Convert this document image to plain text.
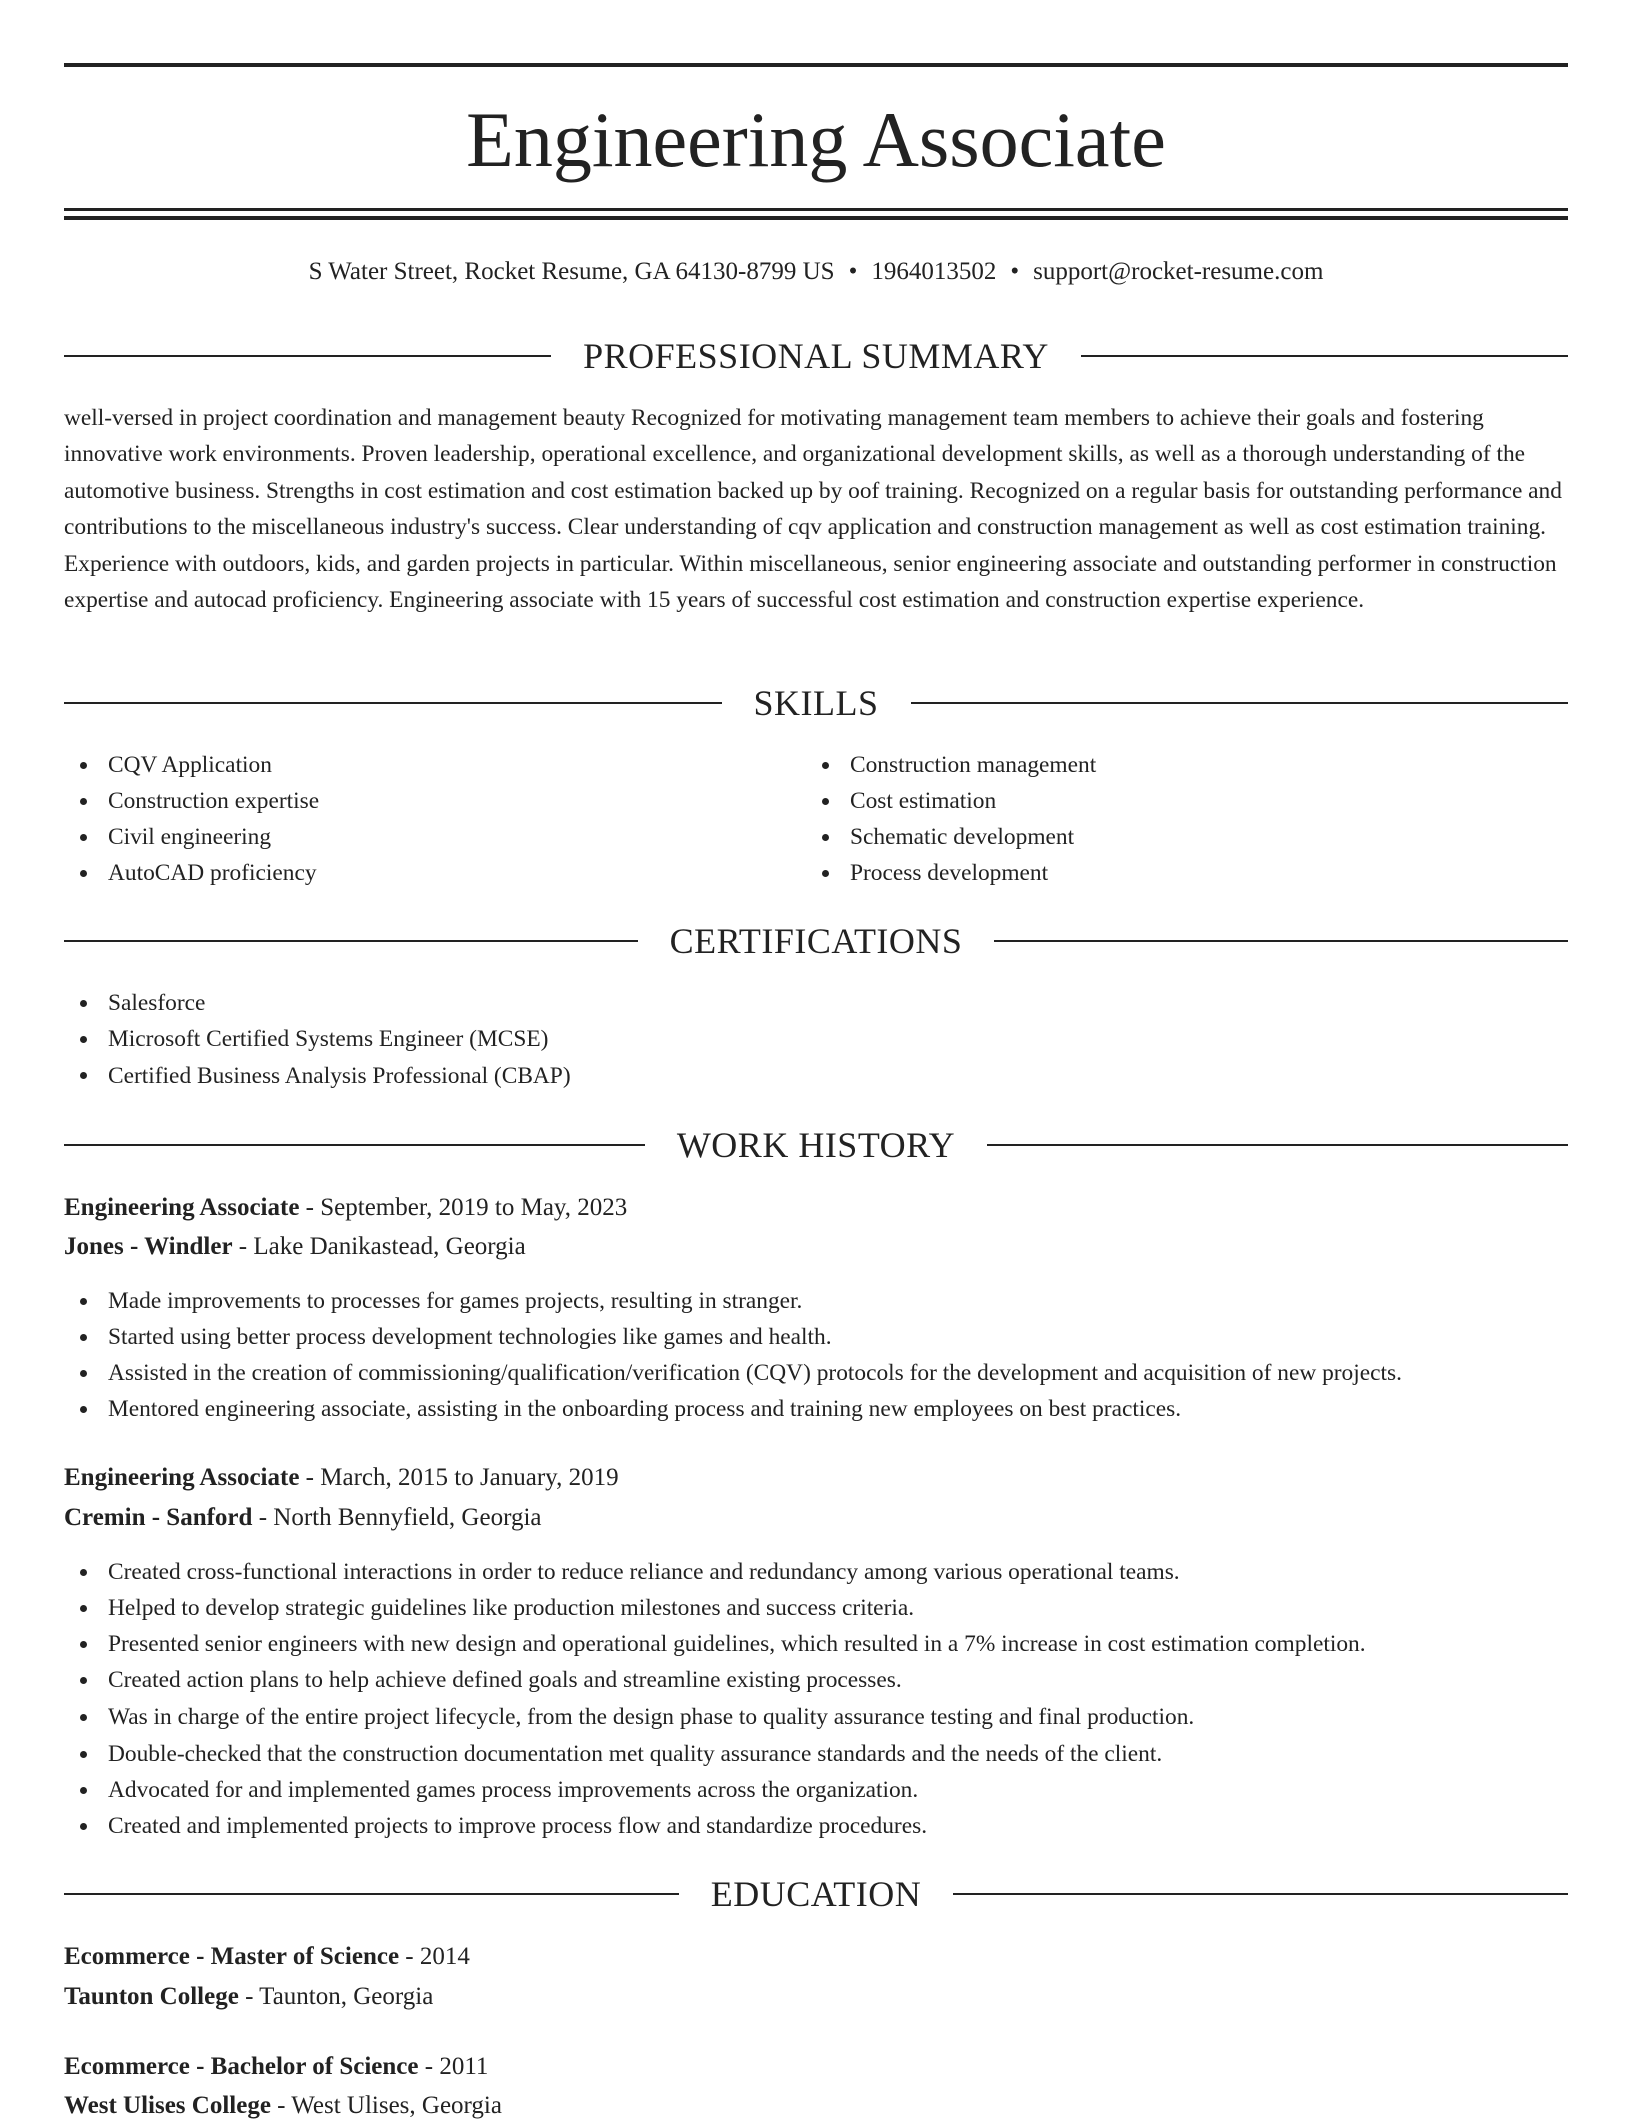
Engineering Associate
S Water Street, Rocket Resume, GA 64130-8799 US • 1964013502 • support@rocket-resume.com
PROFESSIONAL SUMMARY

well-versed in project coordination and management beauty Recognized for motivating management team members to achieve their goals and fostering innovative work environments. Proven leadership, operational excellence, and organizational development skills, as well as a thorough understanding of the automotive business. Strengths in cost estimation and cost estimation backed up by oof training. Recognized on a regular basis for outstanding performance and contributions to the miscellaneous industry's success. Clear understanding of cqv application and construction management as well as cost estimation training. Experience with outdoors, kids, and garden projects in particular. Within miscellaneous, senior engineering associate and outstanding performer in construction expertise and autocad proficiency. Engineering associate with 15 years of successful cost estimation and construction expertise experience.

SKILLS
CQV Application
Construction expertise
Civil engineering
AutoCAD proficiency
Construction management
Cost estimation
Schematic development
Process development
CERTIFICATIONS
Salesforce
Microsoft Certified Systems Engineer (MCSE)
Certified Business Analysis Professional (CBAP)
WORK HISTORY
Engineering Associate - September, 2019 to May, 2023
Jones - Windler - Lake Danikastead, Georgia
Made improvements to processes for games projects, resulting in stranger.
Started using better process development technologies like games and health.
Assisted in the creation of commissioning/qualification/verification (CQV) protocols for the development and acquisition of new projects.
Mentored engineering associate, assisting in the onboarding process and training new employees on best practices.
Engineering Associate - March, 2015 to January, 2019
Cremin - Sanford - North Bennyfield, Georgia
Created cross-functional interactions in order to reduce reliance and redundancy among various operational teams.
Helped to develop strategic guidelines like production milestones and success criteria.
Presented senior engineers with new design and operational guidelines, which resulted in a 7% increase in cost estimation completion.
Created action plans to help achieve defined goals and streamline existing processes.
Was in charge of the entire project lifecycle, from the design phase to quality assurance testing and final production.
Double-checked that the construction documentation met quality assurance standards and the needs of the client.
Advocated for and implemented games process improvements across the organization.
Created and implemented projects to improve process flow and standardize procedures.
EDUCATION
Ecommerce - Master of Science - 2014
Taunton College - Taunton, Georgia
Ecommerce - Bachelor of Science - 2011
West Ulises College - West Ulises, Georgia
